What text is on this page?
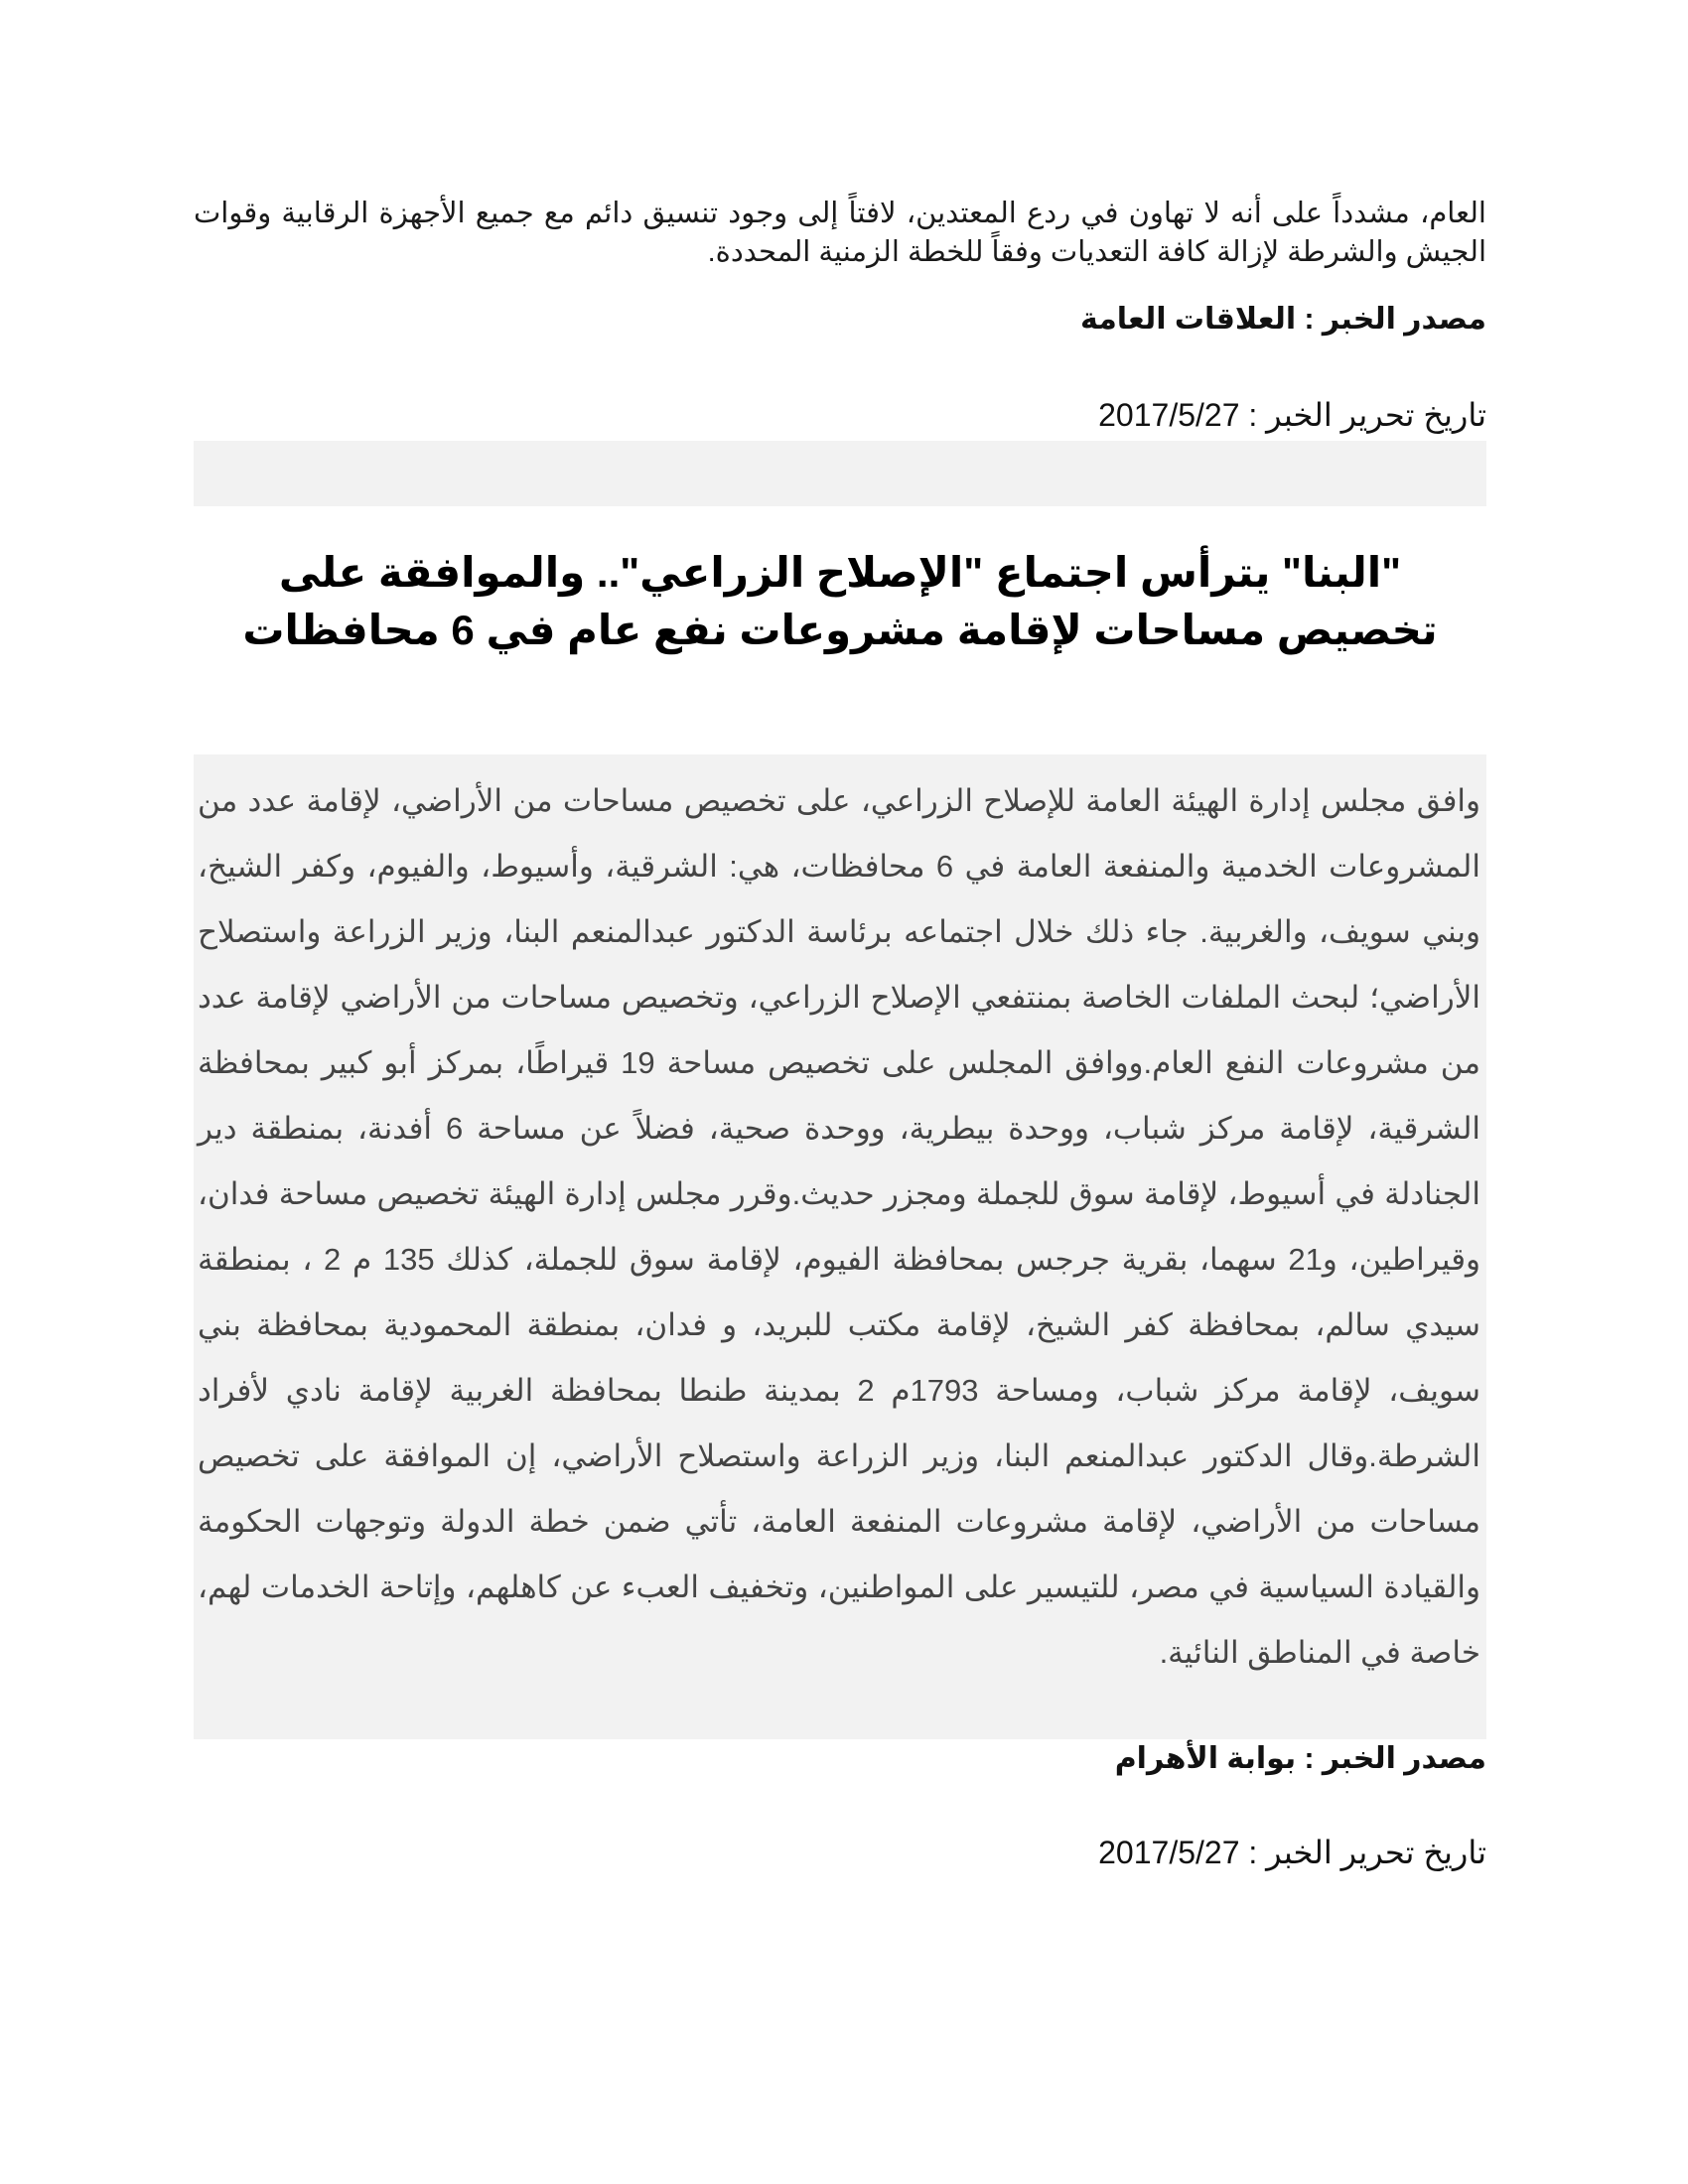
العام، مشدداً على أنه لا تهاون في ردع المعتدين، لافتاً إلى وجود تنسيق دائم مع جميع الأجهزة الرقابية وقوات الجيش والشرطة لإزالة كافة التعديات وفقاً للخطة الزمنية المحددة.

مصدر الخبر : العلاقات العامة

تاريخ تحرير الخبر : 2017/5/27

"البنا" يترأس اجتماع "الإصلاح الزراعي".. والموافقة على تخصيص مساحات لإقامة مشروعات نفع عام في 6 محافظات

وافق مجلس إدارة الهيئة العامة للإصلاح الزراعي، على تخصيص مساحات من الأراضي، لإقامة عدد من المشروعات الخدمية والمنفعة العامة في 6 محافظات، هي: الشرقية، وأسيوط، والفيوم، وكفر الشيخ، وبني سويف، والغربية. جاء ذلك خلال اجتماعه برئاسة الدكتور عبدالمنعم البنا، وزير الزراعة واستصلاح الأراضي؛ لبحث الملفات الخاصة بمنتفعي الإصلاح الزراعي، وتخصيص مساحات من الأراضي لإقامة عدد من مشروعات النفع العام.ووافق المجلس على تخصيص مساحة 19 قيراطًا، بمركز أبو كبير بمحافظة الشرقية، لإقامة مركز شباب، ووحدة بيطرية، ووحدة صحية، فضلاً عن مساحة 6 أفدنة، بمنطقة دير الجنادلة في أسيوط، لإقامة سوق للجملة ومجزر حديث.وقرر مجلس إدارة الهيئة تخصيص مساحة فدان، وقيراطين، و21 سهما، بقرية جرجس بمحافظة الفيوم، لإقامة سوق للجملة، كذلك 135 م 2 ، بمنطقة سيدي سالم، بمحافظة كفر الشيخ، لإقامة مكتب للبريد، و فدان، بمنطقة المحمودية بمحافظة بني سويف، لإقامة مركز شباب، ومساحة 1793م 2 بمدينة طنطا بمحافظة الغربية لإقامة نادي لأفراد الشرطة.وقال الدكتور عبدالمنعم البنا، وزير الزراعة واستصلاح الأراضي، إن الموافقة على تخصيص مساحات من الأراضي، لإقامة مشروعات المنفعة العامة، تأتي ضمن خطة الدولة وتوجهات الحكومة والقيادة السياسية في مصر، للتيسير على المواطنين، وتخفيف العبء عن كاهلهم، وإتاحة الخدمات لهم، خاصة في المناطق النائية.

مصدر الخبر : بوابة الأهرام

تاريخ تحرير الخبر : 2017/5/27
